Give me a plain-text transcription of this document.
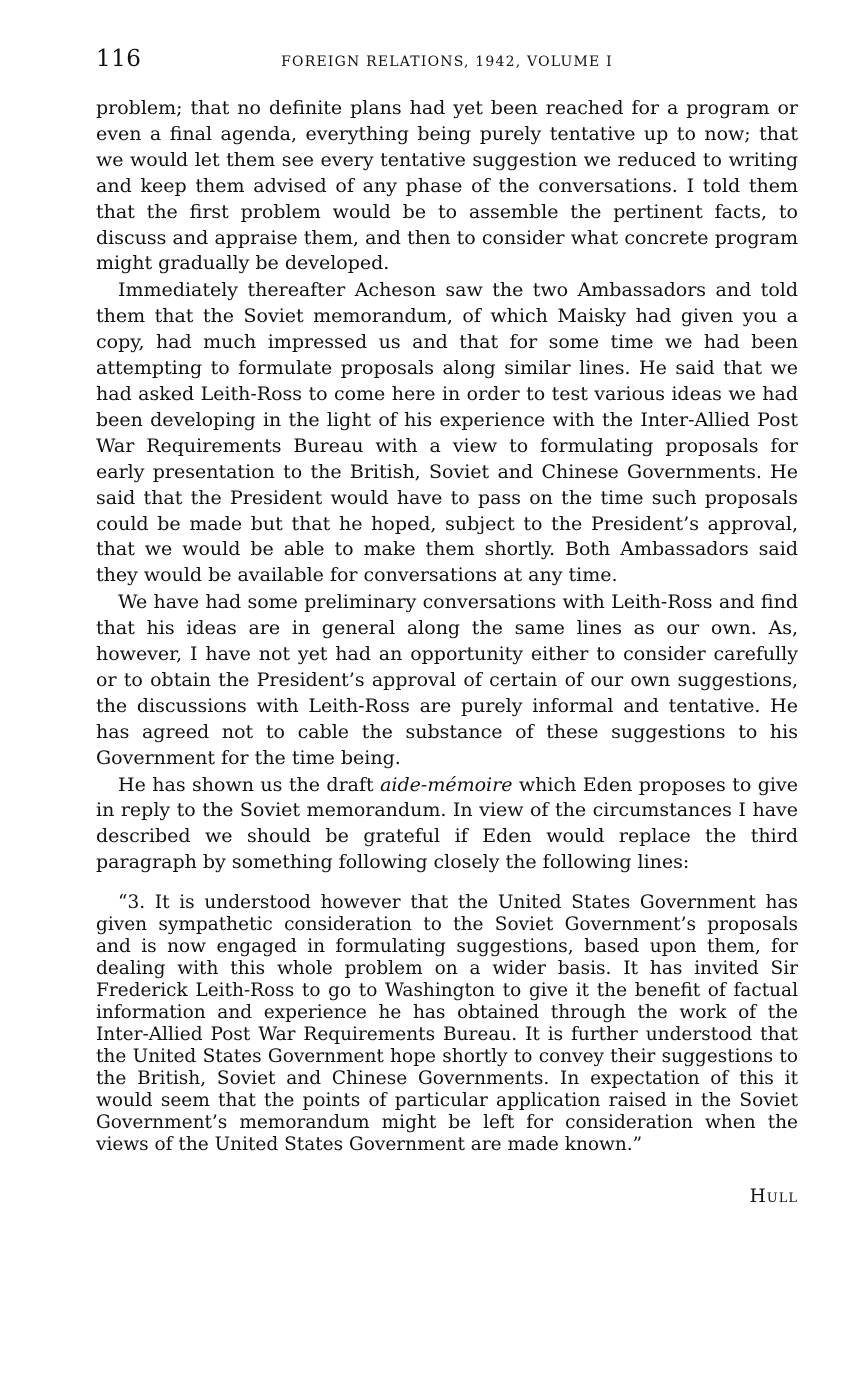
116	FOREIGN RELATIONS, 1942, VOLUME I

problem; that no definite plans had yet been reached for a program or even a final agenda, everything being purely tentative up to now; that we would let them see every tentative suggestion we reduced to writing and keep them advised of any phase of the conversations. I told them that the first problem would be to assemble the pertinent facts, to discuss and appraise them, and then to consider what concrete program might gradually be developed.

Immediately thereafter Acheson saw the two Ambassadors and told them that the Soviet memorandum, of which Maisky had given you a copy, had much impressed us and that for some time we had been attempting to formulate proposals along similar lines. He said that we had asked Leith-Ross to come here in order to test various ideas we had been developing in the light of his experience with the Inter-Allied Post War Requirements Bureau with a view to formulating proposals for early presentation to the British, Soviet and Chinese Governments. He said that the President would have to pass on the time such proposals could be made but that he hoped, subject to the President’s approval, that we would be able to make them shortly. Both Ambassadors said they would be available for conversations at any time.

We have had some preliminary conversations with Leith-Ross and find that his ideas are in general along the same lines as our own. As, however, I have not yet had an opportunity either to consider carefully or to obtain the President’s approval of certain of our own suggestions, the discussions with Leith-Ross are purely informal and tentative. He has agreed not to cable the substance of these suggestions to his Government for the time being.

He has shown us the draft aide-mémoire which Eden proposes to give in reply to the Soviet memorandum. In view of the circumstances I have described we should be grateful if Eden would replace the third paragraph by something following closely the following lines:

“3. It is understood however that the United States Government has given sympathetic consideration to the Soviet Government’s proposals and is now engaged in formulating suggestions, based upon them, for dealing with this whole problem on a wider basis. It has invited Sir Frederick Leith-Ross to go to Washington to give it the benefit of factual information and experience he has obtained through the work of the Inter-Allied Post War Requirements Bureau. It is further understood that the United States Government hope shortly to convey their suggestions to the British, Soviet and Chinese Governments. In expectation of this it would seem that the points of particular application raised in the Soviet Government’s memorandum might be left for consideration when the views of the United States Government are made known.”

Hull
